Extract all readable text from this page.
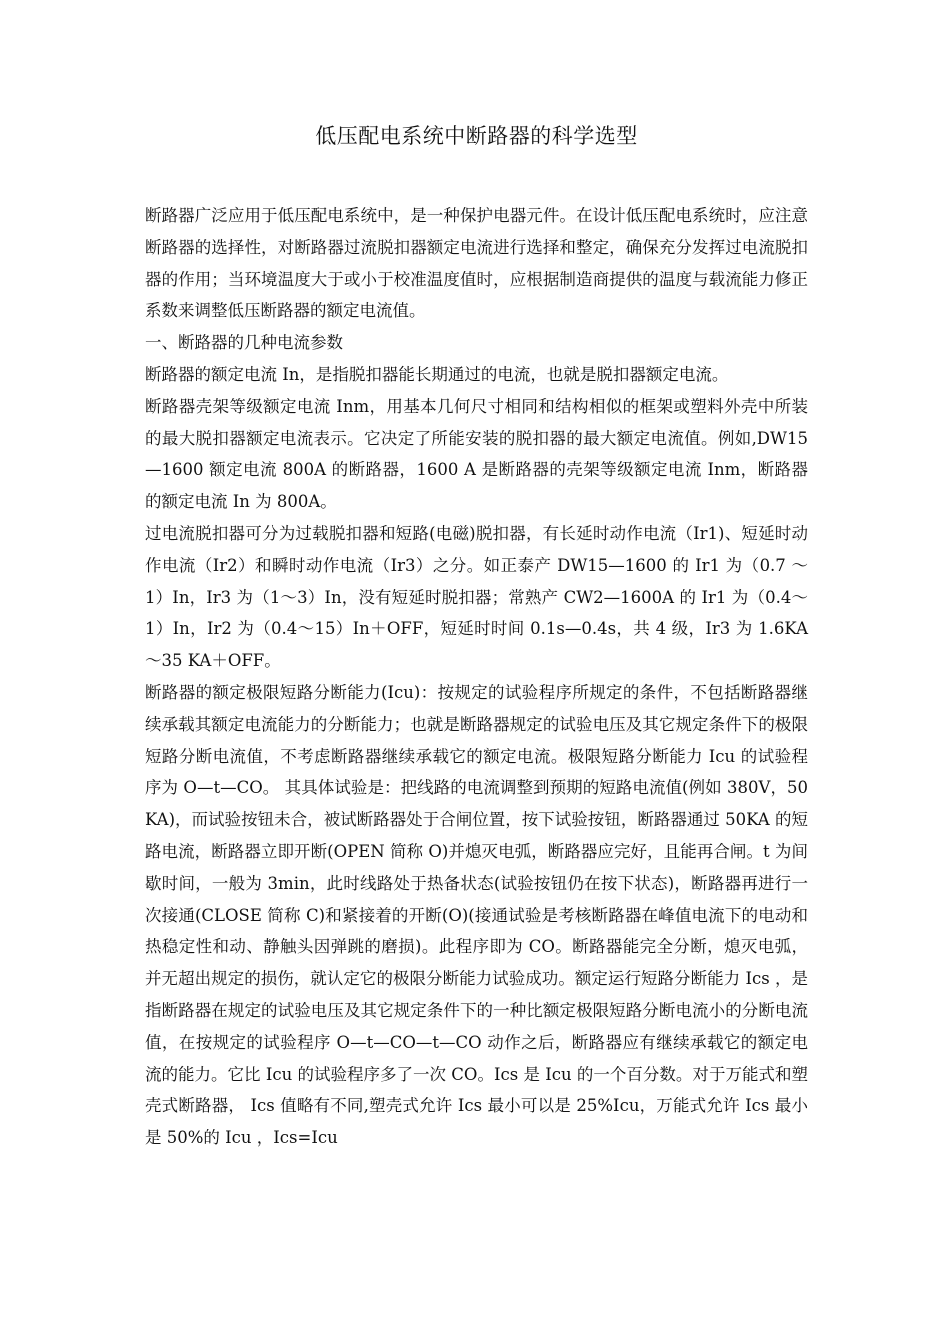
低压配电系统中断路器的科学选型

断路器广泛应用于低压配电系统中，是一种保护电器元件。在设计低压配电系统时，应注意断路器的选择性，对断路器过流脱扣器额定电流进行选择和整定，确保充分发挥过电流脱扣器的作用；当环境温度大于或小于校准温度值时，应根据制造商提供的温度与载流能力修正系数来调整低压断路器的额定电流值。

一、断路器的几种电流参数

断路器的额定电流 In，是指脱扣器能长期通过的电流，也就是脱扣器额定电流。

断路器壳架等级额定电流 Inm，用基本几何尺寸相同和结构相似的框架或塑料外壳中所装的最大脱扣器额定电流表示。它决定了所能安装的脱扣器的最大额定电流值。例如,DW15—1600 额定电流 800A 的断路器，1600 A 是断路器的壳架等级额定电流 Inm，断路器的额定电流 In 为 800A。

过电流脱扣器可分为过载脱扣器和短路(电磁)脱扣器，有长延时动作电流（Ir1)、短延时动作电流（Ir2）和瞬时动作电流（Ir3）之分。如正泰产 DW15—1600 的 Ir1 为（0.7 ～1）In，Ir3 为（1～3）In，没有短延时脱扣器；常熟产 CW2—1600A 的 Ir1 为（0.4～1）In，Ir2 为（0.4～15）In＋OFF，短延时时间 0.1s—0.4s，共 4 级，Ir3 为 1.6KA～35 KA＋OFF。

断路器的额定极限短路分断能力(Icu)：按规定的试验程序所规定的条件，不包括断路器继续承载其额定电流能力的分断能力；也就是断路器规定的试验电压及其它规定条件下的极限短路分断电流值，不考虑断路器继续承载它的额定电流。极限短路分断能力 Icu 的试验程序为 O—t—CO。 其具体试验是：把线路的电流调整到预期的短路电流值(例如 380V，50KA)，而试验按钮未合，被试断路器处于合闸位置，按下试验按钮，断路器通过 50KA 的短路电流，断路器立即开断(OPEN 简称 O)并熄灭电弧，断路器应完好，且能再合闸。t 为间歇时间，一般为 3min，此时线路处于热备状态(试验按钮仍在按下状态)，断路器再进行一次接通(CLOSE 简称 C)和紧接着的开断(O)(接通试验是考核断路器在峰值电流下的电动和热稳定性和动、静触头因弹跳的磨损)。此程序即为 CO。断路器能完全分断，熄灭电弧，并无超出规定的损伤，就认定它的极限分断能力试验成功。额定运行短路分断能力 Ics ，是指断路器在规定的试验电压及其它规定条件下的一种比额定极限短路分断电流小的分断电流值，在按规定的试验程序 O—t—CO—t—CO 动作之后，断路器应有继续承载它的额定电流的能力。它比 Icu 的试验程序多了一次 CO。Ics 是 Icu 的一个百分数。对于万能式和塑壳式断路器， Ics 值略有不同,塑壳式允许 Ics 最小可以是 25%Icu，万能式允许 Ics 最小是 50%的 Icu ，Ics=Icu
